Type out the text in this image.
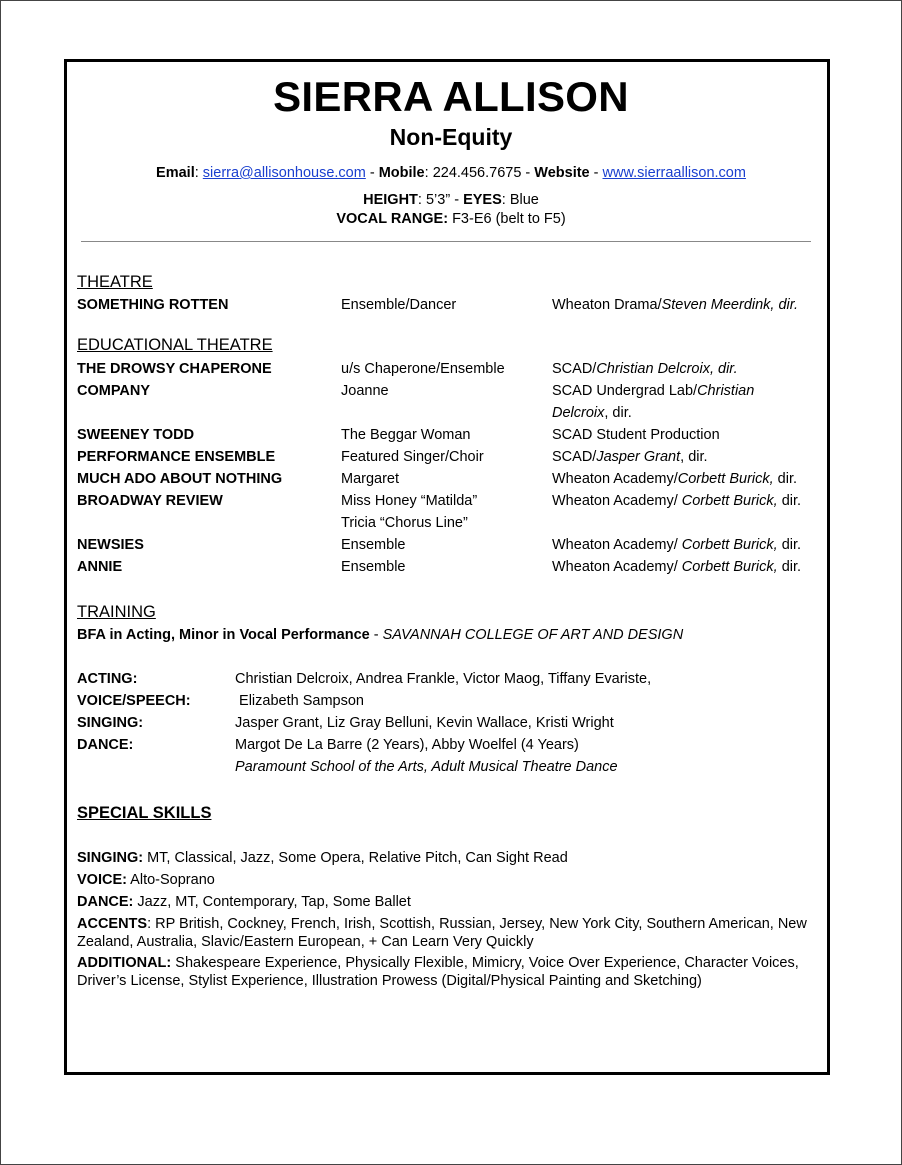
SIERRA ALLISON
Non-Equity
Email: sierra@allisonhouse.com - Mobile: 224.456.7675 - Website - www.sierraallison.com
HEIGHT: 5’3” - EYES: Blue
VOCAL RANGE: F3-E6 (belt to F5)
THEATRE
SOMETHING ROTTEN	Ensemble/Dancer	Wheaton Drama/Steven Meerdink, dir.
EDUCATIONAL THEATRE
THE DROWSY CHAPERONE	u/s Chaperone/Ensemble	SCAD/Christian Delcroix, dir.
COMPANY	Joanne	SCAD Undergrad Lab/Christian
Delcroix, dir.
SWEENEY TODD	The Beggar Woman	SCAD Student Production
PERFORMANCE ENSEMBLE	Featured Singer/Choir	SCAD/Jasper Grant, dir.
MUCH ADO ABOUT NOTHING	Margaret	Wheaton Academy/Corbett Burick, dir.
BROADWAY REVIEW	Miss Honey “Matilda”	Wheaton Academy/ Corbett Burick, dir.
Tricia “Chorus Line”
NEWSIES	Ensemble	Wheaton Academy/ Corbett Burick, dir.
ANNIE	Ensemble	Wheaton Academy/ Corbett Burick, dir.
TRAINING
BFA in Acting, Minor in Vocal Performance - SAVANNAH COLLEGE OF ART AND DESIGN
ACTING:	Christian Delcroix, Andrea Frankle, Victor Maog, Tiffany Evariste,
VOICE/SPEECH:	Elizabeth Sampson
SINGING:	Jasper Grant, Liz Gray Belluni, Kevin Wallace, Kristi Wright
DANCE:	Margot De La Barre (2 Years), Abby Woelfel (4 Years)
Paramount School of the Arts, Adult Musical Theatre Dance
SPECIAL SKILLS
SINGING: MT, Classical, Jazz, Some Opera, Relative Pitch, Can Sight Read
VOICE: Alto-Soprano
DANCE: Jazz, MT, Contemporary, Tap, Some Ballet
ACCENTS: RP British, Cockney, French, Irish, Scottish, Russian, Jersey, New York City, Southern American, New Zealand, Australia, Slavic/Eastern European, + Can Learn Very Quickly
ADDITIONAL: Shakespeare Experience, Physically Flexible, Mimicry, Voice Over Experience, Character Voices, Driver’s License, Stylist Experience, Illustration Prowess (Digital/Physical Painting and Sketching)
